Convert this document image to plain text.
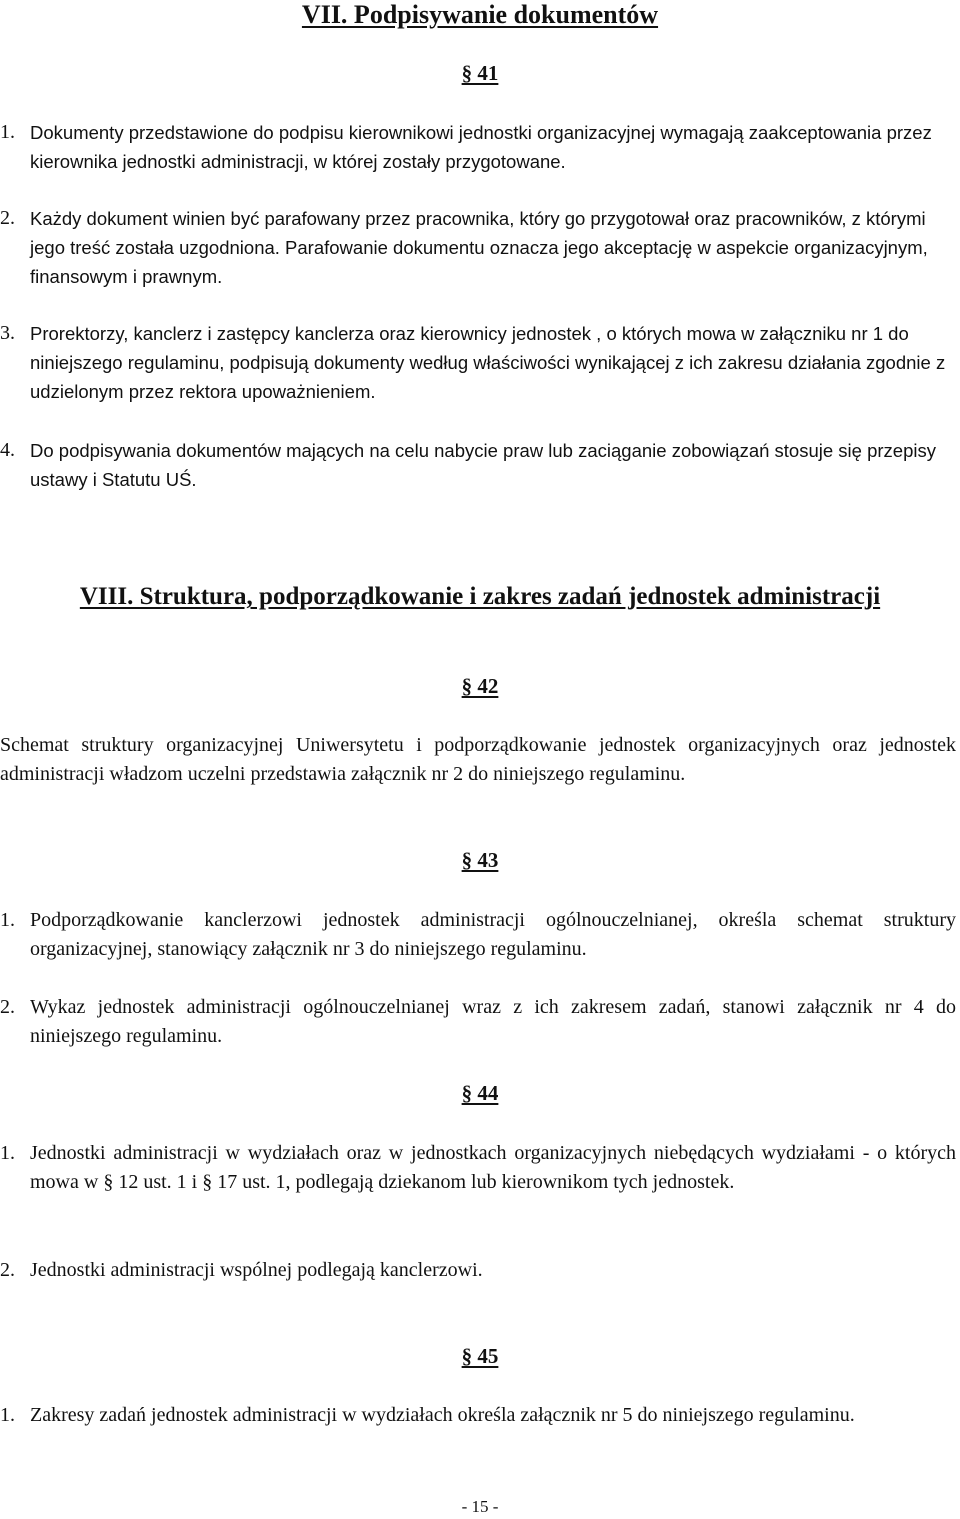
VII. Podpisywanie dokumentów
§ 41
1. Dokumenty przedstawione do podpisu kierownikowi jednostki organizacyjnej wymagają zaakceptowania przez kierownika jednostki administracji, w której zostały przygotowane.
2. Każdy dokument winien być parafowany przez pracownika, który go przygotował oraz pracowników, z którymi jego treść została uzgodniona. Parafowanie dokumentu oznacza jego akceptację w aspekcie organizacyjnym, finansowym i prawnym.
3. Prorektorzy, kanclerz i zastępcy kanclerza oraz kierownicy jednostek , o których mowa w załączniku nr 1 do niniejszego regulaminu, podpisują dokumenty według właściwości wynikającej z ich zakresu działania zgodnie z udzielonym przez rektora upoważnieniem.
4. Do podpisywania dokumentów mających na celu nabycie praw lub zaciąganie zobowiązań stosuje się przepisy ustawy i Statutu UŚ.
VIII. Struktura, podporządkowanie i zakres zadań jednostek administracji
§ 42
Schemat struktury organizacyjnej Uniwersytetu i podporządkowanie jednostek organizacyjnych oraz jednostek administracji władzom uczelni przedstawia załącznik nr 2 do niniejszego regulaminu.
§ 43
1. Podporządkowanie kanclerzowi jednostek administracji ogólnouczelnianej, określa schemat struktury organizacyjnej, stanowiący załącznik nr 3 do niniejszego regulaminu.
2. Wykaz jednostek administracji ogólnouczelnianej wraz z ich zakresem zadań, stanowi załącznik nr 4 do niniejszego regulaminu.
§ 44
1. Jednostki administracji w wydziałach oraz w jednostkach organizacyjnych niebędących wydziałami - o których mowa w § 12 ust. 1 i § 17 ust. 1, podlegają dziekanom lub kierownikom tych jednostek.
2. Jednostki administracji wspólnej podlegają kanclerzowi.
§ 45
1. Zakresy zadań jednostek administracji w wydziałach określa załącznik nr 5 do niniejszego regulaminu.
- 15 -
